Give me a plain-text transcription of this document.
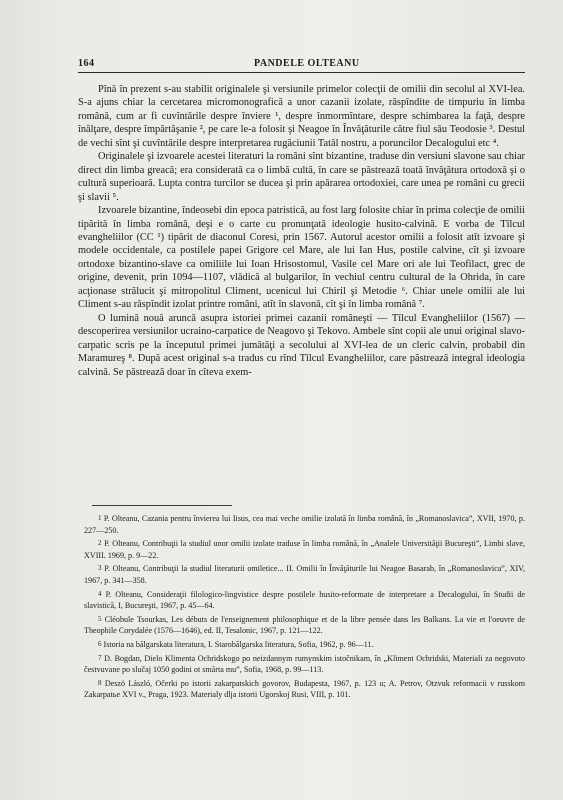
164	PANDELE OLTEANU

Pînă în prezent s-au stabilit originalele şi versiunile primelor colecţii de omilii din secolul al XVI-lea. S-a ajuns chiar la cercetarea micromonografică a unor cazanii izolate, răspîndite de timpuriu în limba română, cum ar fi cuvîntările despre înviere ¹, despre înmormîntare, despre schimbarea la faţă, despre înălţare, despre împărtăşanie ², pe care le-a folosit şi Neagoe în Învăţăturile către fiul său Teodosie ³. Destul de vechi sînt şi cuvîntările despre interpretarea rugăciunii Tatăl nostru, a poruncilor Decalogului etc ⁴.

Originalele şi izvoarele acestei literaturi la români sînt bizantine, traduse din versiuni slavone sau chiar direct din limba greacă; era considerată ca o limbă cultă, în care se păstrează toată învăţătura ortodoxă şi o cultură superioară. Lupta contra turcilor se ducea şi prin apărarea ortodoxiei, care unea pe români cu grecii şi slavii ⁵.

Izvoarele bizantine, îndeosebi din epoca patristică, au fost larg folosite chiar în prima colecţie de omilii tipărită în limba română, deşi e o carte cu pronunţată ideologie husito-calvină. E vorba de Tîlcul evangheliilor (CC ¹) tipărit de diaconul Coresi, prin 1567. Autorul acestor omilii a folosit atît izvoare şi modele occidentale, ca postilele papei Grigore cel Mare, ale lui Ian Hus, postile calvine, cît şi izvoare ortodoxe bizantino-slave ca omiliile lui Ioan Hrisostomul, Vasile cel Mare ori ale lui Teofilact, grec de origine, devenit, prin 1094—1107, vlădică al bulgarilor, în vechiul centru cultural de la Ohrida, în care acţionase strălucit şi mitropolitul Climent, ucenicul lui Chiril şi Metodie ⁶. Chiar unele omilii ale lui Climent s-au răspîndit izolat printre români, atît în slavonă, cît şi în limba română ⁷.

O lumină nouă aruncă asupra istoriei primei cazanii româneşti — Tîlcul Evangheliilor (1567) — descoperirea versiunilor ucraino-carpatice de Neagovo şi Tekovo. Ambele sînt copii ale unui original slavo-carpatic scris pe la începutul primei jumătăţi a secolului al XVI-lea de un cleric calvin, probabil din Maramureş ⁸. După acest original s-a tradus cu rînd Tîlcul Evangheliilor, care păstrează integral ideologia calvină. Se păstrează doar în cîteva exem-

1 P. Olteanu, Cazania pentru învierea lui Iisus, cea mai veche omilie izolată în limba română, în „Romanoslavica”, XVII, 1970, p. 227—250.

2 P. Olteanu, Contribuţii la studiul unor omilii izolate traduse în limba română, în „Analele Universităţii Bucureşti”, Limbi slave, XVIII. 1969, p. 9—22.

3 P. Olteanu, Contribuţii la studiul literaturii omiletice... II. Omilii în Învăţăturile lui Neagoe Basarab, în „Romanoslavica”, XIV, 1967, p. 341—358.

4 P. Olteanu, Consideraţii filologico-lingvistice despre postilele husito-reformate de interpretare a Decalogului, în Studii de slavistică, I, Bucureşti, 1967, p. 45—64.

5 Cléobule Tsourkas, Les débuts de l'enseignement philosophique et de la libre pensée dans les Balkans. La vie et l'oeuvre de Theophile Corydalée (1576—1646), ed. II, Tesalonic, 1967, p. 121—122.

6 Istoria na bălgarskata literatura, I. Starobălgarska literatura, Sofia, 1962, p. 96—11.

7 D. Bogdan, Dielo Klimenta Ochridskogo po neizdannym rumynskim istočnikam, în „Kliment Ochridski, Materiali za negovoto čestvuvane po slučaj 1050 godini ot smărta mu”, Sofia, 1968, p. 99—113.

8 Deszö László, Očerki po istorii zakarpatskich govorov, Budapesta, 1967, p. 123 u; A. Petrov, Otzvuk reformacii v russkom Zakarpatье XVI v., Praga, 1923. Materialy dlja istorii Ugorskoj Rusi, VIII, p. 101.
